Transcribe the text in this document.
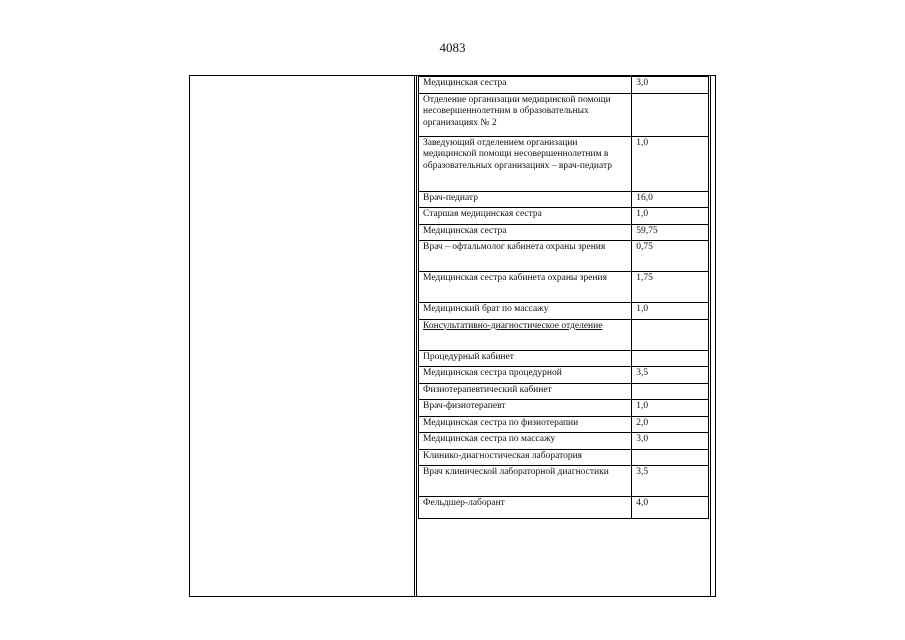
4083
Медицинская сестра	3,0
Отделение организации медицинской помощи несовершеннолетним в образовательных организациях № 2	
Заведующий отделением организации медицинской помощи несовершеннолетним в образовательных организациях – врач-педиатр	1,0
Врач-педиатр	16,0
Старшая медицинская сестра	1,0
Медицинская сестра	59,75
Врач – офтальмолог кабинета охраны зрения	0,75
Медицинская сестра кабинета охраны зрения	1,75
Медицинский брат по массажу	1,0
Консультативно-диагностическое отделение	
Процедурный кабинет	
Медицинская сестра процедурной	3,5
Физиотерапевтический кабинет	
Врач-физиотерапевт	1,0
Медицинская сестра по физиотерапии	2,0
Медицинская сестра по массажу	3,0
Клинико-диагностическая лаборатория	
Врач клинической лабораторной диагностики	3,5
Фельдшер-лаборант	4,0
